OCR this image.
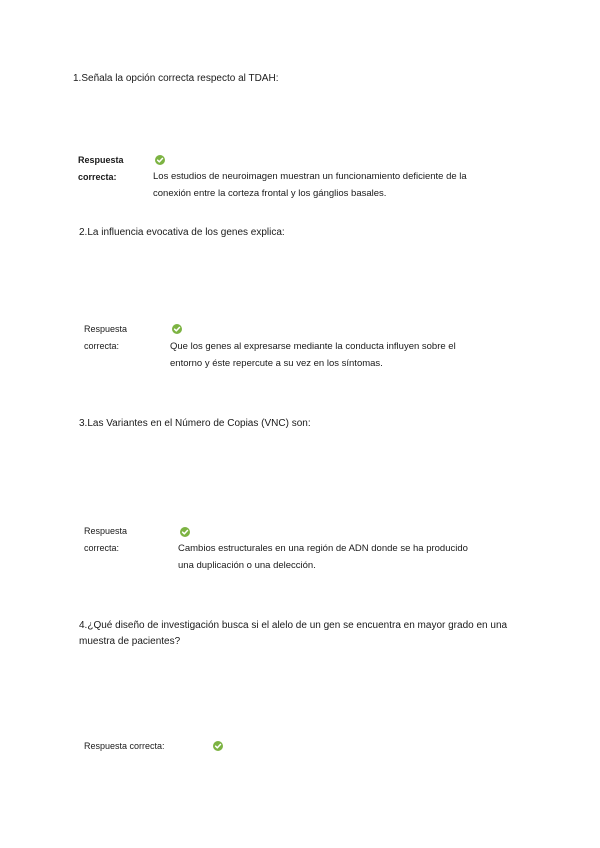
1.Señala la opción correcta respecto al TDAH:
Respuesta
correcta:	Los estudios de neuroimagen muestran un funcionamiento deficiente de la
conexión entre la corteza frontal y los gánglios basales.
2.La influencia evocativa de los genes explica:
Respuesta
correcta:	Que los genes al expresarse mediante la conducta influyen sobre el
entorno y éste repercute a su vez en los síntomas.
3.Las Variantes en el Número de Copias (VNC) son:
Respuesta
correcta:	Cambios estructurales en una región de ADN donde se ha producido
una duplicación o una delección.
4.¿Qué diseño de investigación busca si el alelo de un gen se encuentra en mayor grado en una
muestra de pacientes?
Respuesta correcta:
